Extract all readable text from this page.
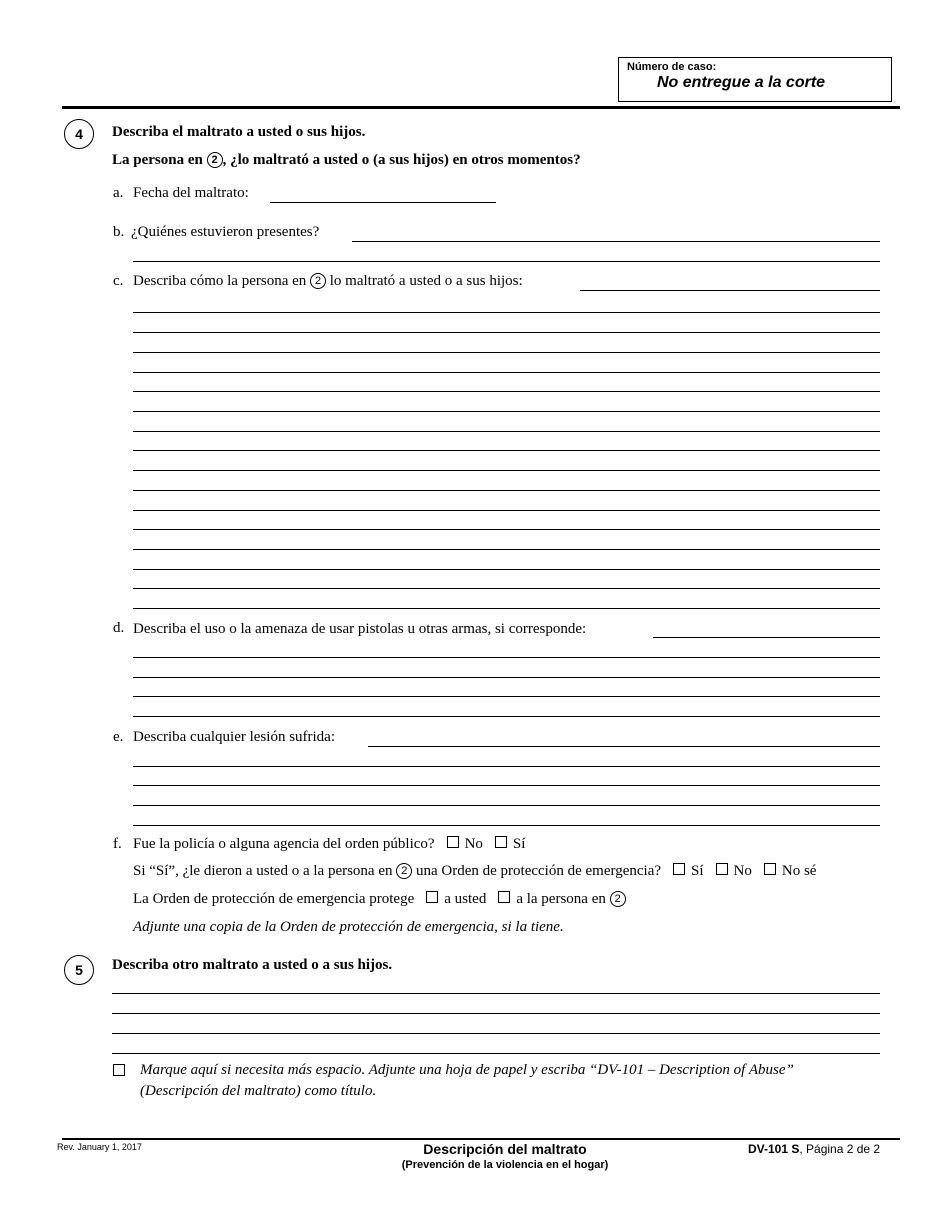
Número de caso:
No entregue a la corte
4	Describa el maltrato a usted o sus hijos.
La persona en 2 , ¿lo maltrató a usted o (a sus hijos) en otros momentos?
a. Fecha del maltrato:
b. ¿Quiénes estuvieron presentes?
c. Describa cómo la persona en 2 lo maltrató a usted o a sus hijos:
d. Describa el uso o la amenaza de usar pistolas u otras armas, si corresponde:
e. Describa cualquier lesión sufrida:
f. Fue la policía o alguna agencia del orden público? No Sí
Si “Sí”, ¿le dieron a usted o a la persona en 2 una Orden de protección de emergencia? Sí No No sé
La Orden de protección de emergencia protege a usted a la persona en 2
Adjunte una copia de la Orden de protección de emergencia, si la tiene.
5	Describa otro maltrato a usted o a sus hijos.
Marque aquí si necesita más espacio. Adjunte una hoja de papel y escriba “DV-101 – Description of Abuse”
(Descripción del maltrato) como título.
Rev. January 1, 2017	Descripción del maltrato
(Prevención de la violencia en el hogar)
DV-101 S, Página 2 de 2
